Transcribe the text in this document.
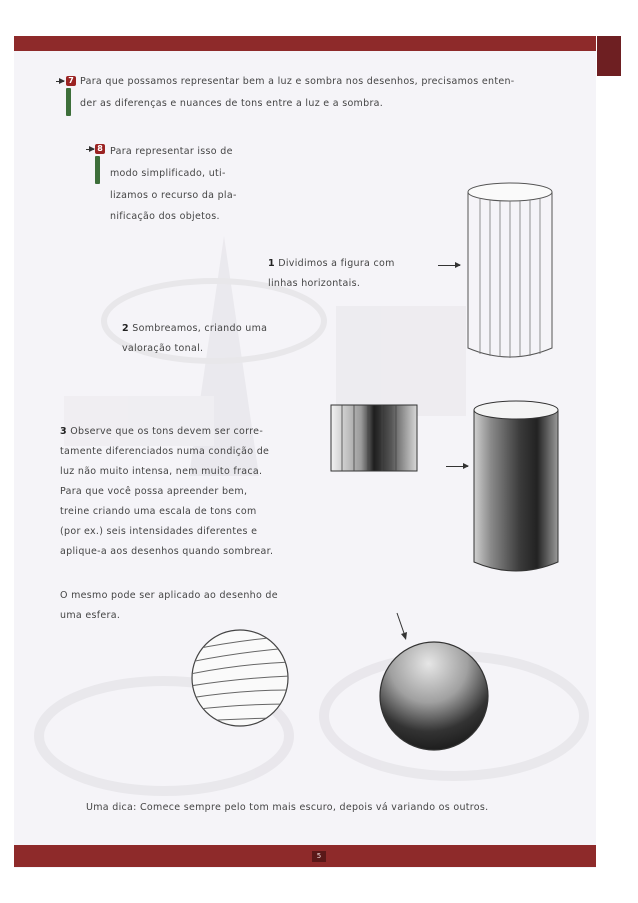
7 Para que possamos representar bem a luz e sombra nos desenhos, precisamos enten-
der as diferenças e nuances de tons entre a luz e a sombra.
8 Para representar isso de
modo simplificado, uti-
lizamos o recurso da pla-
nificação dos objetos.
1 Dividimos a figura com
linhas horizontais.
2 Sombreamos, criando uma
valoração tonal.
3 Observe que os tons devem ser corre-
tamente diferenciados numa condição de
luz não muito intensa, nem muito fraca.
Para que você possa apreender bem,
treine criando uma escala de tons com
(por ex.) seis intensidades diferentes e
aplique-a aos desenhos quando sombrear.
O mesmo pode ser aplicado ao desenho de
uma esfera.
Uma dica: Comece sempre pelo tom mais escuro, depois vá variando os outros.
5
